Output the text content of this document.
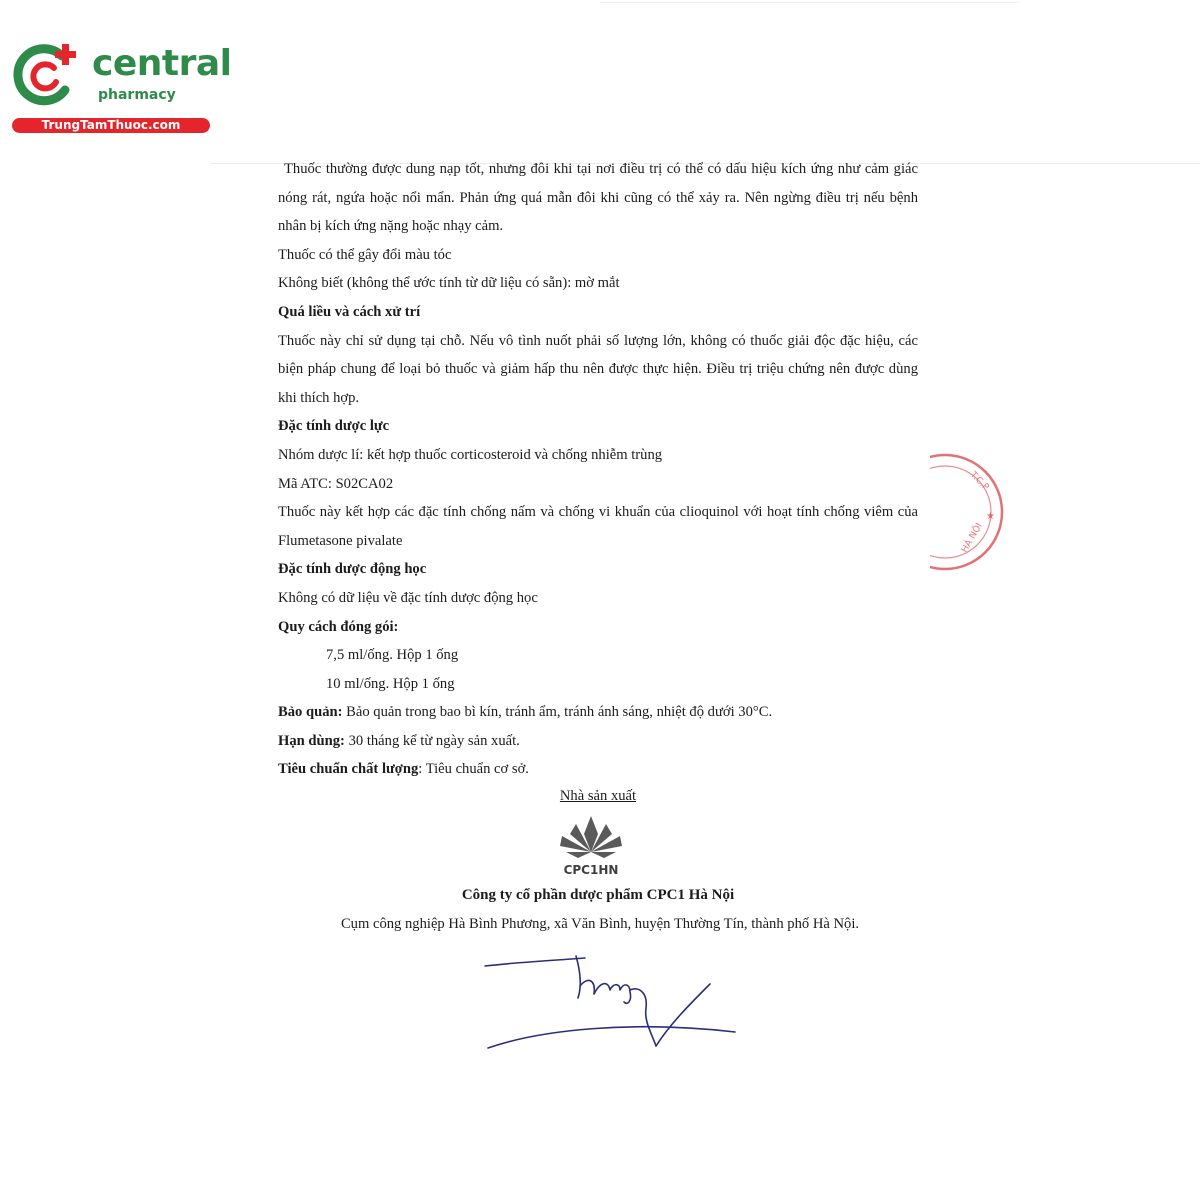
central
pharmacy
TrungTamThuoc.com

Thuốc thường được dung nạp tốt, nhưng đôi khi tại nơi điều trị có thể có dấu hiệu kích ứng như cảm giác nóng rát, ngứa hoặc nổi mẩn. Phản ứng quá mẫn đôi khi cũng có thể xảy ra. Nên ngừng điều trị nếu bệnh nhân bị kích ứng nặng hoặc nhạy cảm.

Thuốc có thể gây đổi màu tóc

Không biết (không thể ước tính từ dữ liệu có sẵn): mờ mắt

Quá liều và cách xử trí

Thuốc này chỉ sử dụng tại chỗ. Nếu vô tình nuốt phải số lượng lớn, không có thuốc giải độc đặc hiệu, các biện pháp chung để loại bỏ thuốc và giảm hấp thu nên được thực hiện. Điều trị triệu chứng nên được dùng khi thích hợp.

Đặc tính dược lực

Nhóm dược lí: kết hợp thuốc corticosteroid và chống nhiễm trùng

Mã ATC: S02CA02

Thuốc này kết hợp các đặc tính chống nấm và chống vi khuẩn của clioquinol với hoạt tính chống viêm của Flumetasone pivalate

Đặc tính dược động học

Không có dữ liệu về đặc tính dược động học

Quy cách đóng gói:

7,5 ml/ống. Hộp 1 ống

10 ml/ống. Hộp 1 ống

Bảo quản: Bảo quản trong bao bì kín, tránh ẩm, tránh ánh sáng, nhiệt độ dưới 30°C.

Hạn dùng: 30 tháng kể từ ngày sản xuất.

Tiêu chuẩn chất lượng: Tiêu chuẩn cơ sở.

Nhà sản xuất
CPC1HN
Công ty cổ phần dược phẩm CPC1 Hà Nội
Cụm công nghiệp Hà Bình Phương, xã Văn Bình, huyện Thường Tín, thành phố Hà Nội.
T.C.P
★
HÀ NỘI
